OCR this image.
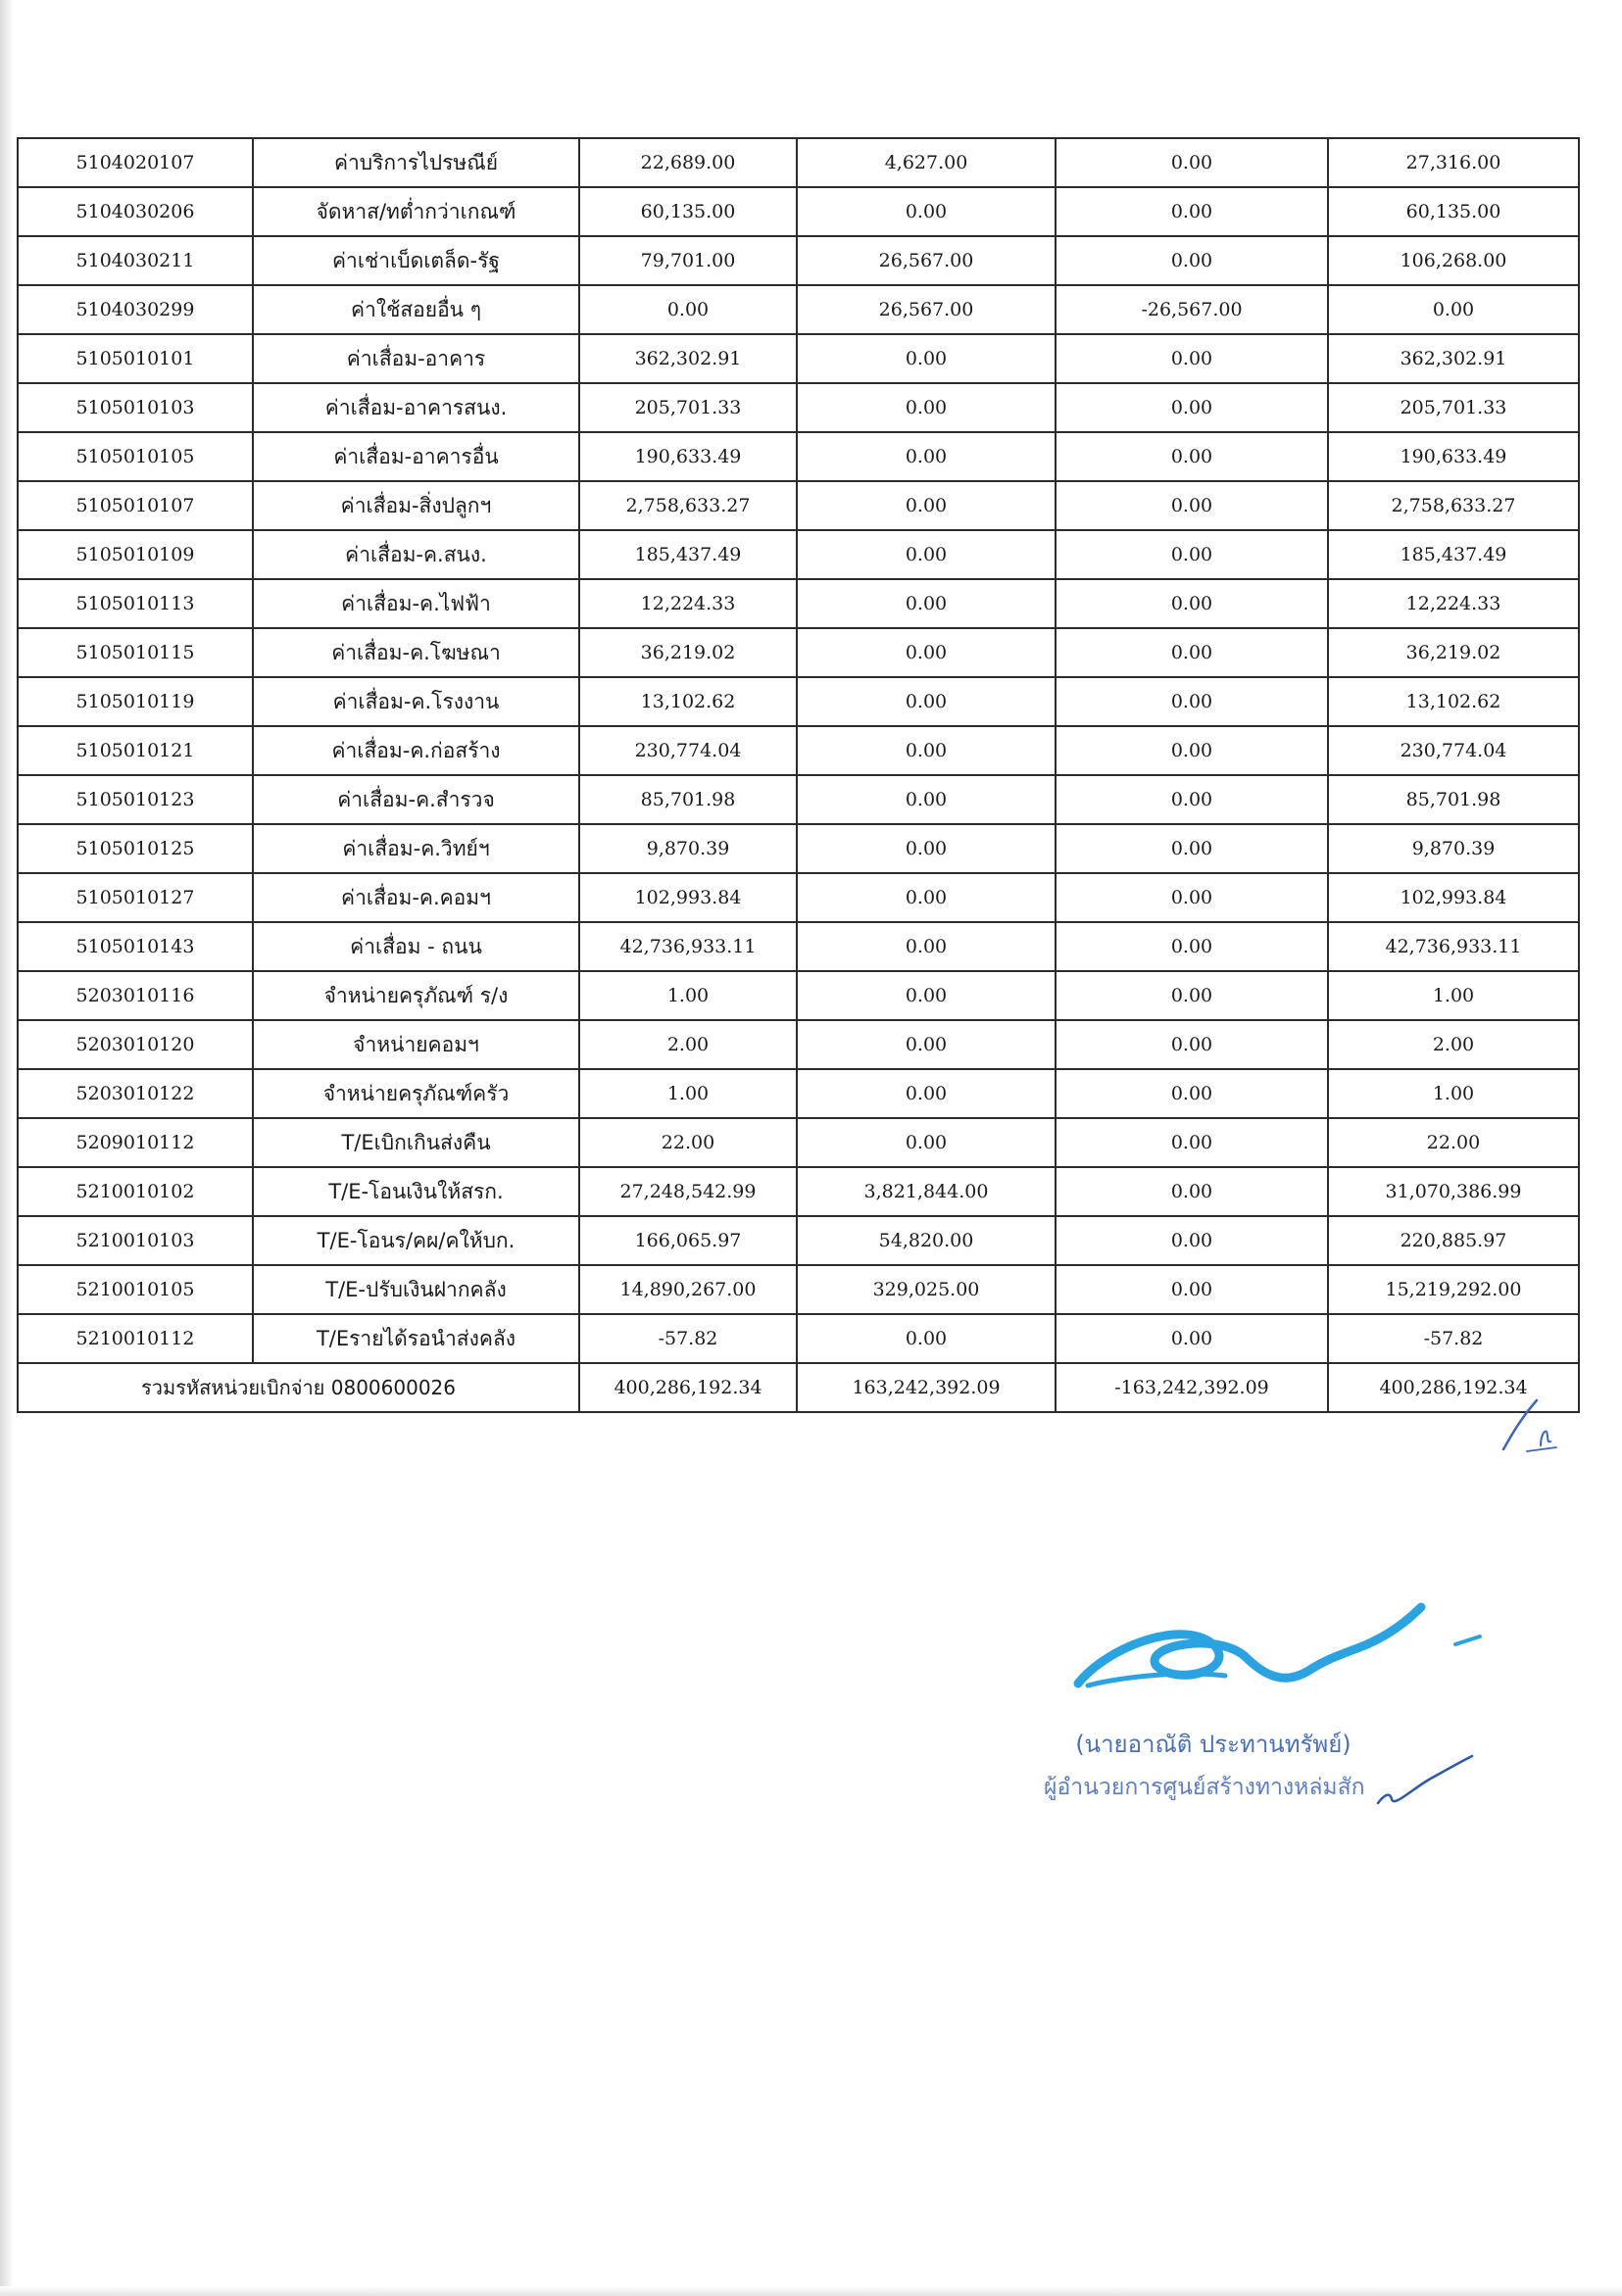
5104020107	ค่าบริการไปรษณีย์	22,689.00	4,627.00	0.00	27,316.00
5104030206	จัดหาส/ทต่ำกว่าเกณฑ์	60,135.00	0.00	0.00	60,135.00
5104030211	ค่าเช่าเบ็ดเตล็ด-รัฐ	79,701.00	26,567.00	0.00	106,268.00
5104030299	ค่าใช้สอยอื่น ๆ	0.00	26,567.00	-26,567.00	0.00
5105010101	ค่าเสื่อม-อาคาร	362,302.91	0.00	0.00	362,302.91
5105010103	ค่าเสื่อม-อาคารสนง.	205,701.33	0.00	0.00	205,701.33
5105010105	ค่าเสื่อม-อาคารอื่น	190,633.49	0.00	0.00	190,633.49
5105010107	ค่าเสื่อม-สิ่งปลูกฯ	2,758,633.27	0.00	0.00	2,758,633.27
5105010109	ค่าเสื่อม-ค.สนง.	185,437.49	0.00	0.00	185,437.49
5105010113	ค่าเสื่อม-ค.ไฟฟ้า	12,224.33	0.00	0.00	12,224.33
5105010115	ค่าเสื่อม-ค.โฆษณา	36,219.02	0.00	0.00	36,219.02
5105010119	ค่าเสื่อม-ค.โรงงาน	13,102.62	0.00	0.00	13,102.62
5105010121	ค่าเสื่อม-ค.ก่อสร้าง	230,774.04	0.00	0.00	230,774.04
5105010123	ค่าเสื่อม-ค.สำรวจ	85,701.98	0.00	0.00	85,701.98
5105010125	ค่าเสื่อม-ค.วิทย์ฯ	9,870.39	0.00	0.00	9,870.39
5105010127	ค่าเสื่อม-ค.คอมฯ	102,993.84	0.00	0.00	102,993.84
5105010143	ค่าเสื่อม - ถนน	42,736,933.11	0.00	0.00	42,736,933.11
5203010116	จำหน่ายครุภัณฑ์ ร/ง	1.00	0.00	0.00	1.00
5203010120	จำหน่ายคอมฯ	2.00	0.00	0.00	2.00
5203010122	จำหน่ายครุภัณฑ์ครัว	1.00	0.00	0.00	1.00
5209010112	T/Eเบิกเกินส่งคืน	22.00	0.00	0.00	22.00
5210010102	T/E-โอนเงินให้สรก.	27,248,542.99	3,821,844.00	0.00	31,070,386.99
5210010103	T/E-โอนร/คผ/คให้บก.	166,065.97	54,820.00	0.00	220,885.97
5210010105	T/E-ปรับเงินฝากคลัง	14,890,267.00	329,025.00	0.00	15,219,292.00
5210010112	T/Eรายได้รอนำส่งคลัง	-57.82	0.00	0.00	-57.82
รวมรหัสหน่วยเบิกจ่าย 0800600026		400,286,192.34	163,242,392.09	-163,242,392.09	400,286,192.34
(นายอาณัติ ประทานทรัพย์)
ผู้อำนวยการศูนย์สร้างทางหล่มสัก
